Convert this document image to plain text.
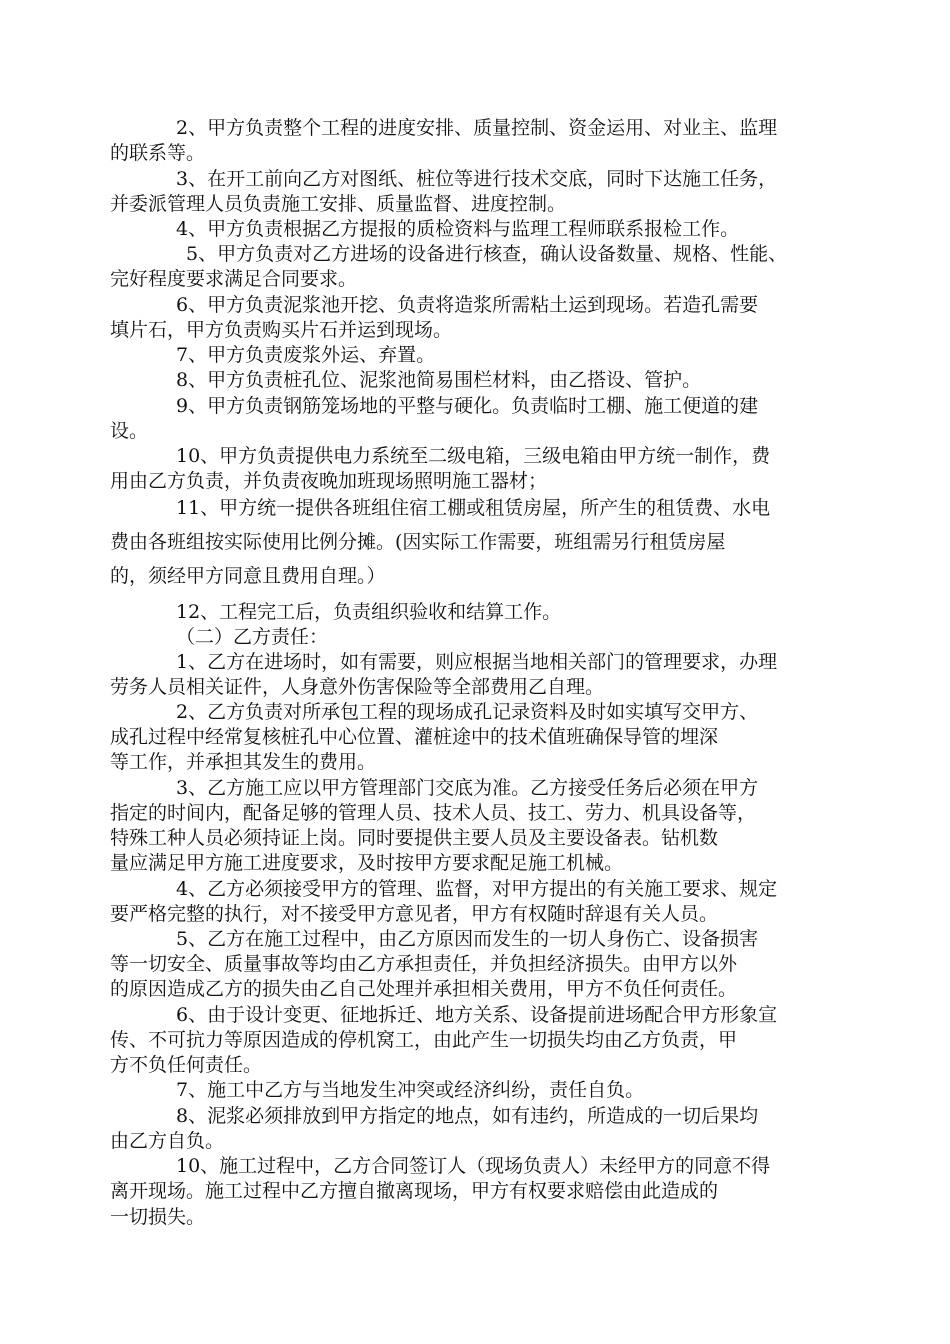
2、甲方负责整个工程的进度安排、质量控制、资金运用、对业主、监理
的联系等。
3、在开工前向乙方对图纸、桩位等进行技术交底，同时下达施工任务，
并委派管理人员负责施工安排、质量监督、进度控制。
4、甲方负责根据乙方提报的质检资料与监理工程师联系报检工作。
5、甲方负责对乙方进场的设备进行核查，确认设备数量、规格、性能、
完好程度要求满足合同要求。
6、甲方负责泥浆池开挖、负责将造浆所需粘土运到现场。若造孔需要
填片石，甲方负责购买片石并运到现场。
7、甲方负责废浆外运、弃置。
8、甲方负责桩孔位、泥浆池简易围栏材料，由乙搭设、管护。
9、甲方负责钢筋笼场地的平整与硬化。负责临时工棚、施工便道的建
设。
10、甲方负责提供电力系统至二级电箱，三级电箱由甲方统一制作，费
用由乙方负责，并负责夜晚加班现场照明施工器材；
11、甲方统一提供各班组住宿工棚或租赁房屋，所产生的租赁费、水电
费由各班组按实际使用比例分摊。(因实际工作需要，班组需另行租赁房屋
的，须经甲方同意且费用自理。）
12、工程完工后，负责组织验收和结算工作。
（二）乙方责任：
1、乙方在进场时，如有需要，则应根据当地相关部门的管理要求，办理
劳务人员相关证件，人身意外伤害保险等全部费用乙自理。
2、乙方负责对所承包工程的现场成孔记录资料及时如实填写交甲方、
成孔过程中经常复核桩孔中心位置、灌桩途中的技术值班确保导管的埋深
等工作，并承担其发生的费用。
3、乙方施工应以甲方管理部门交底为准。乙方接受任务后必须在甲方
指定的时间内，配备足够的管理人员、技术人员、技工、劳力、机具设备等，
特殊工种人员必须持证上岗。同时要提供主要人员及主要设备表。钻机数
量应满足甲方施工进度要求，及时按甲方要求配足施工机械。
4、乙方必须接受甲方的管理、监督，对甲方提出的有关施工要求、规定
要严格完整的执行，对不接受甲方意见者，甲方有权随时辞退有关人员。
5、乙方在施工过程中，由乙方原因而发生的一切人身伤亡、设备损害
等一切安全、质量事故等均由乙方承担责任，并负担经济损失。由甲方以外
的原因造成乙方的损失由乙自己处理并承担相关费用，甲方不负任何责任。
6、由于设计变更、征地拆迁、地方关系、设备提前进场配合甲方形象宣
传、不可抗力等原因造成的停机窝工，由此产生一切损失均由乙方负责，甲
方不负任何责任。
7、施工中乙方与当地发生冲突或经济纠纷，责任自负。
8、泥浆必须排放到甲方指定的地点，如有违约，所造成的一切后果均
由乙方自负。
10、施工过程中，乙方合同签订人（现场负责人）未经甲方的同意不得
离开现场。施工过程中乙方擅自撤离现场，甲方有权要求赔偿由此造成的
一切损失。
